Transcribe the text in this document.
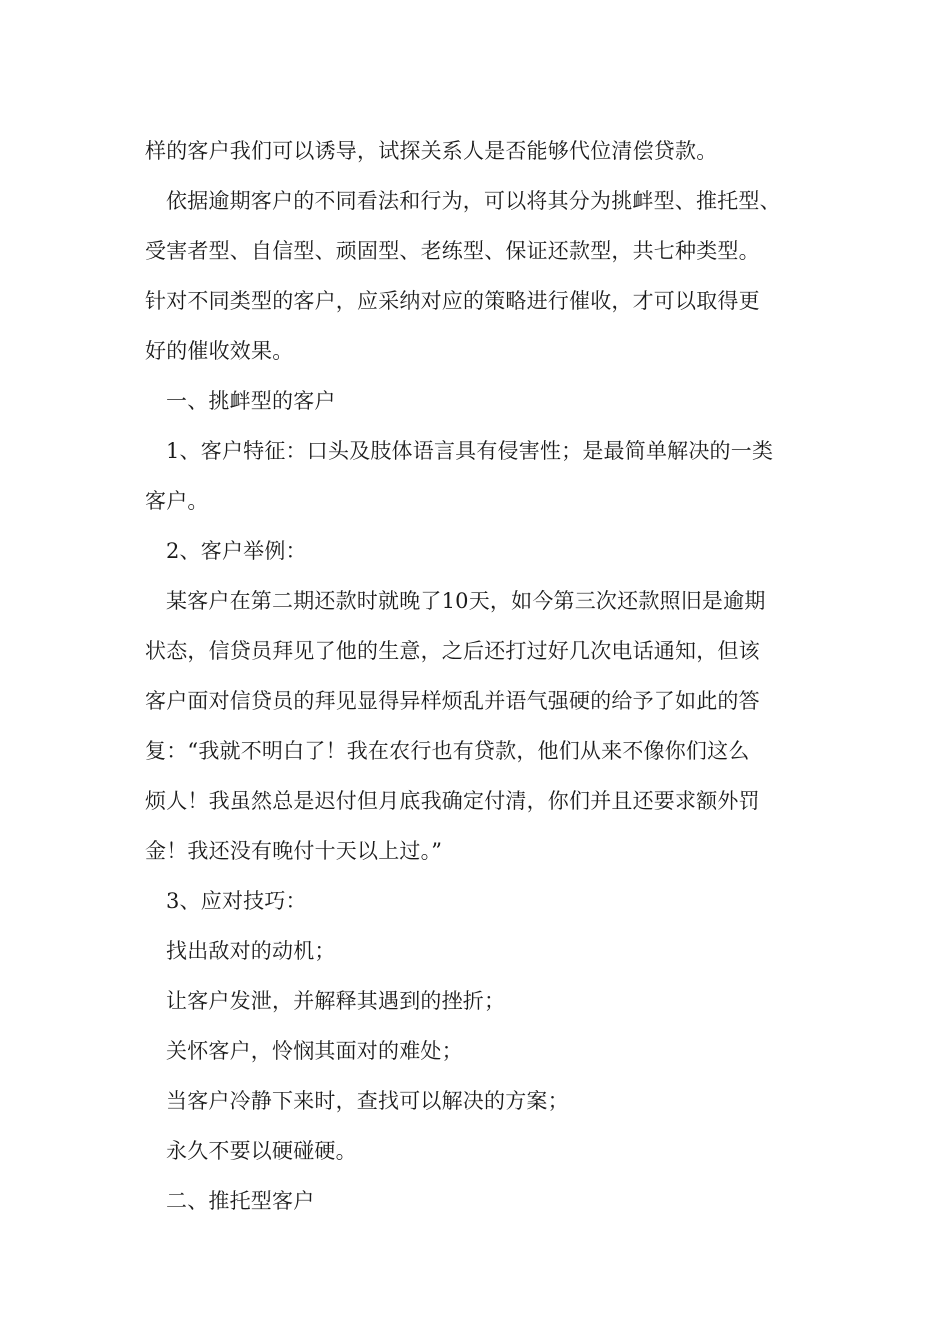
样的客户我们可以诱导，试探关系人是否能够代位清偿贷款。

依据逾期客户的不同看法和行为，可以将其分为挑衅型、推托型、

受害者型、自信型、顽固型、老练型、保证还款型，共七种类型。

针对不同类型的客户，应采纳对应的策略进行催收，才可以取得更

好的催收效果。

一、挑衅型的客户

1、客户特征：口头及肢体语言具有侵害性；是最简单解决的一类

客户。

2、客户举例：

某客户在第二期还款时就晚了10天，如今第三次还款照旧是逾期

状态，信贷员拜见了他的生意，之后还打过好几次电话通知，但该

客户面对信贷员的拜见显得异样烦乱并语气强硬的给予了如此的答

复：“我就不明白了！我在农行也有贷款，他们从来不像你们这么

烦人！我虽然总是迟付但月底我确定付清，你们并且还要求额外罚

金！我还没有晚付十天以上过。”

3、应对技巧：

找出敌对的动机；

让客户发泄，并解释其遇到的挫折；

关怀客户，怜悯其面对的难处；

当客户冷静下来时，查找可以解决的方案；

永久不要以硬碰硬。

二、推托型客户
